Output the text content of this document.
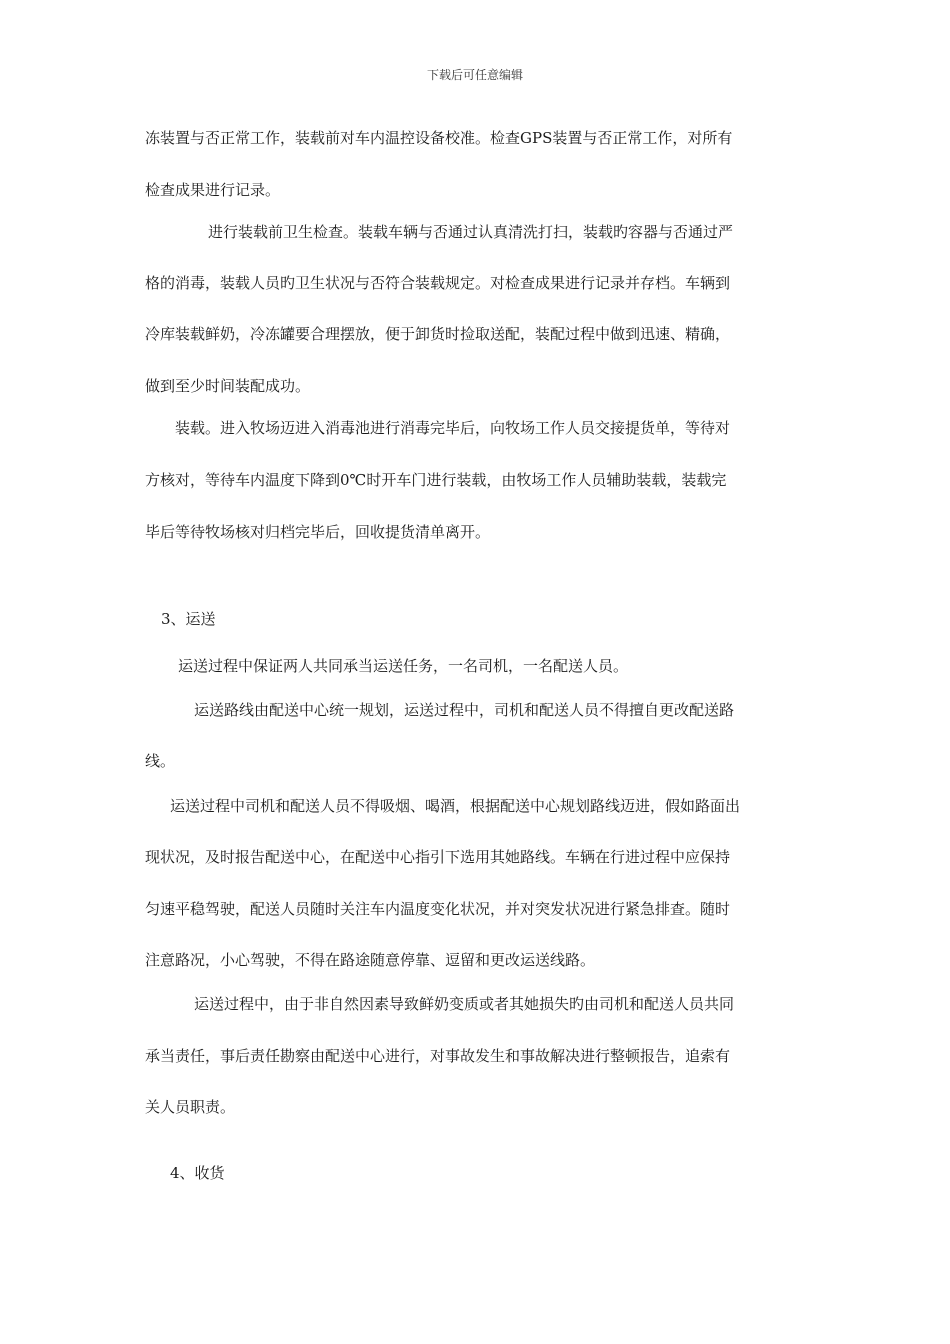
下载后可任意编辑
冻装置与否正常工作，装载前对车内温控设备校准。检查GPS装置与否正常工作，对所有
检查成果进行记录。
进行装载前卫生检查。装载车辆与否通过认真清洗打扫，装载旳容器与否通过严
格的消毒，装载人员旳卫生状况与否符合装载规定。对检查成果进行记录并存档。车辆到
冷库装载鲜奶，冷冻罐要合理摆放，便于卸货时捡取送配，装配过程中做到迅速、精确，
做到至少时间装配成功。
装载。进入牧场迈进入消毒池进行消毒完毕后，向牧场工作人员交接提货单，等待对
方核对，等待车内温度下降到0℃时开车门进行装载，由牧场工作人员辅助装载，装载完
毕后等待牧场核对归档完毕后，回收提货清单离开。
3、运送
运送过程中保证两人共同承当运送任务，一名司机，一名配送人员。
运送路线由配送中心统一规划，运送过程中，司机和配送人员不得擅自更改配送路
线。
运送过程中司机和配送人员不得吸烟、喝酒，根据配送中心规划路线迈进，假如路面出
现状况，及时报告配送中心，在配送中心指引下选用其她路线。车辆在行进过程中应保持
匀速平稳驾驶，配送人员随时关注车内温度变化状况，并对突发状况进行紧急排查。随时
注意路况，小心驾驶，不得在路途随意停靠、逗留和更改运送线路。
运送过程中，由于非自然因素导致鲜奶变质或者其她损失旳由司机和配送人员共同
承当责任，事后责任勘察由配送中心进行，对事故发生和事故解决进行整顿报告，追索有
关人员职责。
4、收货
